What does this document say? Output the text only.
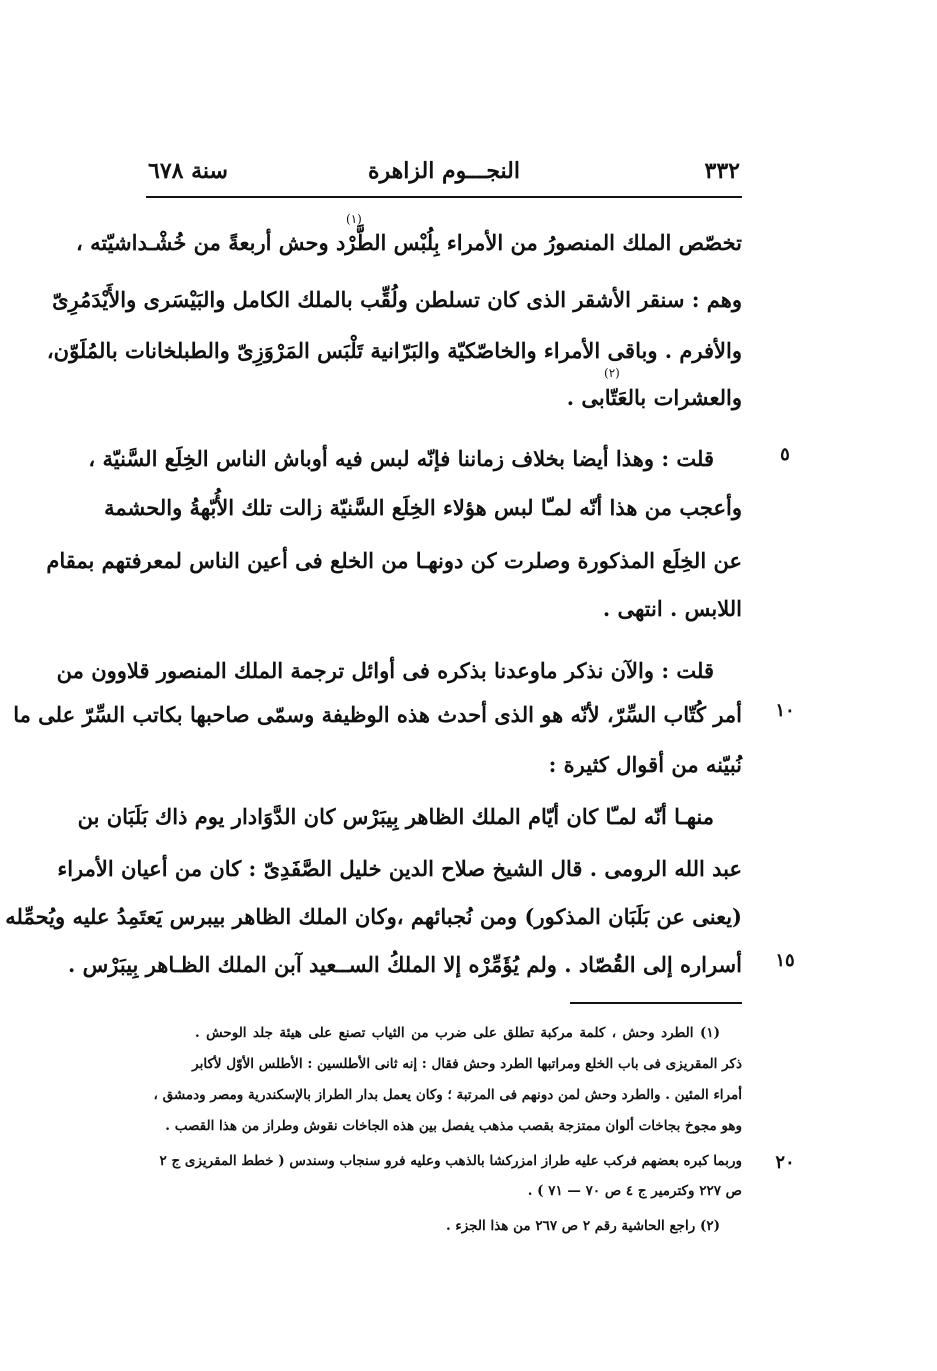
٣٣٢
النجـــوم الزاهرة
سنة ٦٧٨
(١)
تخصّص الملك المنصورُ من الأمراء بِلُبْس الطَّرْد وحش أربعةً من خُشْـداشيّته ،
وهم : سنقر الأشقر الذى كان تسلطن ولُقِّب بالملك الكامل والبَيْسَرى والأَيْدَمُرِىّ
والأفرم . وباقى الأمراء والخاصّكيّة والبَرّانية تَلْبَس المَرْوَزِىّ والطبلخانات بالمُلَوّن،
(٢)
والعشرات بالعَتّابى .
قلت : وهذا أيضا بخلاف زماننا فإنّه لبس فيه أوباش الناس الخِلَع السَّنيّة ،
وأعجب من هذا أنّه لمـّا لبس هؤلاء الخِلَع السَّنيّة زالت تلك الأُبّهةُ والحشمة
عن الخِلَع المذكورة وصلرت كن دونهـا من الخلع فى أعين الناس لمعرفتهم بمقام
اللابس . انتهى .
قلت : والآن نذكر ماوعدنا بذكره فى أوائل ترجمة الملك المنصور قلاوون من
أمر كُتّاب السِّرّ، لأنّه هو الذى أحدث هذه الوظيفة وسمّى صاحبها بكاتب السِّرّ على ما
نُبيّنه من أقوال كثيرة :
منهـا أنّه لمـّا كان أيّام الملك الظاهر بِيبَرْس كان الدَّوَادار يوم ذاك بَلَبَان بن
عبد الله الرومى . قال الشيخ صلاح الدين خليل الصَّفَدِىّ : كان من أعيان الأمراء
(يعنى عن بَلَبَان المذكور) ومن نُجبائهم ،وكان الملك الظاهر بيبرس يَعتَمِدُ عليه ويُحمِّله
أسراره إلى القُصّاد . ولم يُؤَمِّرْه إلا الملكُ الســعيد آبن الملك الظـاهر بِيبَرْس .
٥
١٠
١٥
٢٠
(١) الطرد وحش ، كلمة مركبة تطلق على ضرب من الثياب تصنع على هيئة جلد الوحش .
ذكر المقريزى فى باب الخلع ومراتبها الطرد وحش فقال : إنه ثانى الأطلسين : الأطلس الأوّل لأكابر
أمراء المئين . والطرد وحش لمن دونهم فى المرتبة ؛ وكان يعمل بدار الطراز بالإسكندرية ومصر ودمشق ،
وهو مجوخ بجاخات ألوان ممتزجة بقصب مذهب يفصل بين هذه الجاخات نقوش وطراز من هذا القصب .
وربما كبره بعضهم فركب عليه طراز امزركشا بالذهب وعليه فرو سنجاب وسندس ( خطط المقريزى ج ٢
ص ٢٢٧ وكترمير ج ٤ ص ٧٠ — ٧١ ) .
(٢) راجع الحاشية رقم ٢ ص ٢٦٧ من هذا الجزء .
